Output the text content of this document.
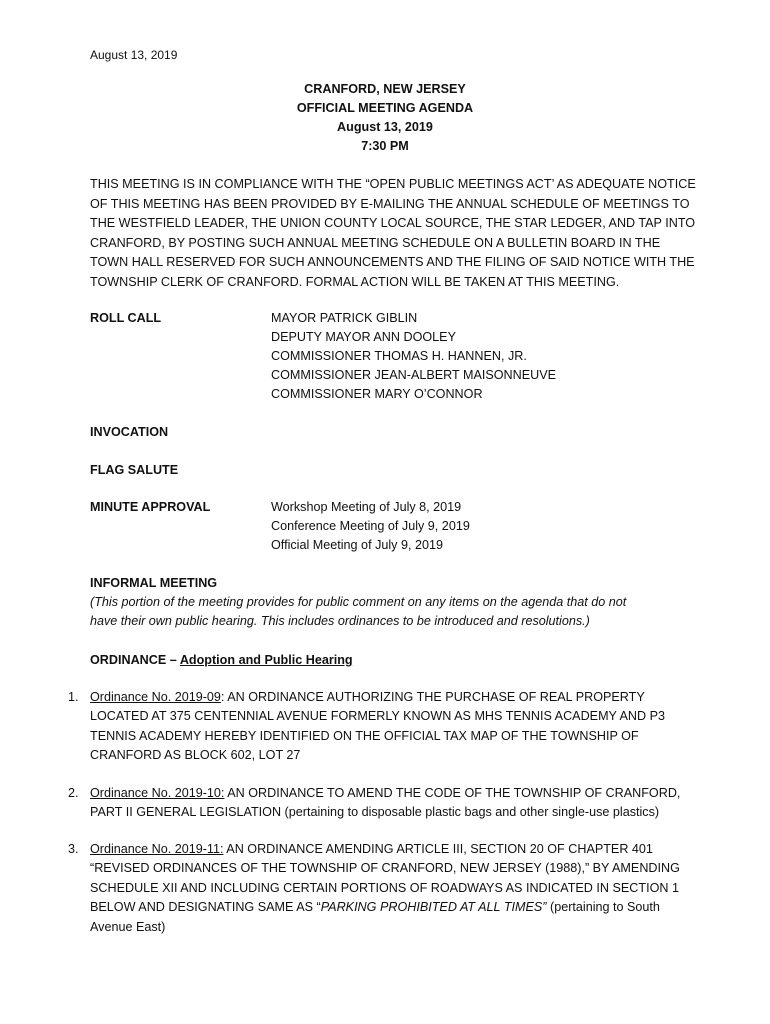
August 13, 2019
CRANFORD, NEW JERSEY
OFFICIAL MEETING AGENDA
August 13, 2019
7:30 PM
THIS MEETING IS IN COMPLIANCE WITH THE “OPEN PUBLIC MEETINGS ACT’ AS ADEQUATE NOTICE
OF THIS MEETING HAS BEEN PROVIDED BY E-MAILING THE ANNUAL SCHEDULE OF MEETINGS TO
THE WESTFIELD LEADER, THE UNION COUNTY LOCAL SOURCE, THE STAR LEDGER, AND TAP INTO
CRANFORD, BY POSTING SUCH ANNUAL MEETING SCHEDULE ON A BULLETIN BOARD IN THE
TOWN HALL RESERVED FOR SUCH ANNOUNCEMENTS AND THE FILING OF SAID NOTICE WITH THE
TOWNSHIP CLERK OF CRANFORD. FORMAL ACTION WILL BE TAKEN AT THIS MEETING.
ROLL CALL	MAYOR PATRICK GIBLIN
DEPUTY MAYOR ANN DOOLEY
COMMISSIONER THOMAS H. HANNEN, JR.
COMMISSIONER JEAN-ALBERT MAISONNEUVE
COMMISSIONER MARY O’CONNOR
INVOCATION
FLAG SALUTE
MINUTE APPROVAL	Workshop Meeting of July 8, 2019
Conference Meeting of July 9, 2019
Official Meeting of July 9, 2019
INFORMAL MEETING
(This portion of the meeting provides for public comment on any items on the agenda that do not
have their own public hearing. This includes ordinances to be introduced and resolutions.)
ORDINANCE – Adoption and Public Hearing
1. Ordinance No. 2019-09: AN ORDINANCE AUTHORIZING THE PURCHASE OF REAL PROPERTY
LOCATED AT 375 CENTENNIAL AVENUE FORMERLY KNOWN AS MHS TENNIS ACADEMY AND P3
TENNIS ACADEMY HEREBY IDENTIFIED ON THE OFFICIAL TAX MAP OF THE TOWNSHIP OF
CRANFORD AS BLOCK 602, LOT 27
2. Ordinance No. 2019-10: AN ORDINANCE TO AMEND THE CODE OF THE TOWNSHIP OF CRANFORD,
PART II GENERAL LEGISLATION (pertaining to disposable plastic bags and other single-use plastics)
3. Ordinance No. 2019-11: AN ORDINANCE AMENDING ARTICLE III, SECTION 20 OF CHAPTER 401
“REVISED ORDINANCES OF THE TOWNSHIP OF CRANFORD, NEW JERSEY (1988),” BY AMENDING
SCHEDULE XII AND INCLUDING CERTAIN PORTIONS OF ROADWAYS AS INDICATED IN SECTION 1
BELOW AND DESIGNATING SAME AS “PARKING PROHIBITED AT ALL TIMES” (pertaining to South
Avenue East)
